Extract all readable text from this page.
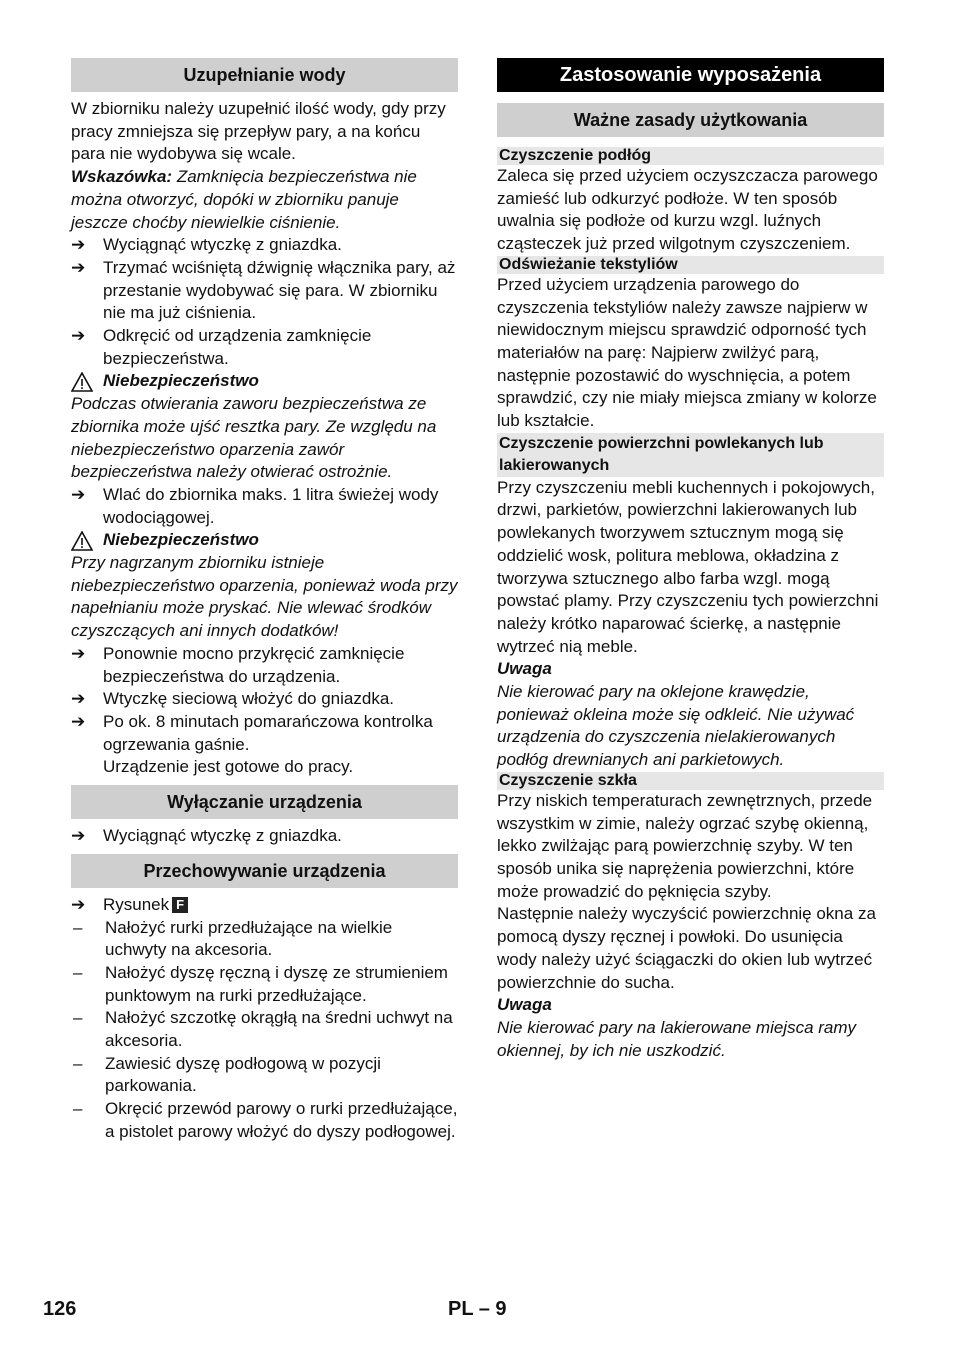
Uzupełnianie wody

W zbiorniku należy uzupełnić ilość wody, gdy przy pracy zmniejsza się przepływ pary, a na końcu para nie wydobywa się wcale.

Wskazówka: Zamknięcia bezpieczeństwa nie można otworzyć, dopóki w zbiorniku panuje jeszcze choćby niewielkie ciśnienie.

➔	Wyciągnąć wtyczkę z gniazdka.
➔	Trzymać wciśniętą dźwignię włącznika pary, aż przestanie wydobywać się para. W zbiorniku nie ma już ciśnienia.
➔	Odkręcić od urządzenia zamknięcie bezpieczeństwa.
Niebezpieczeństwo

Podczas otwierania zaworu bezpieczeństwa ze zbiornika może ujść resztka pary. Ze względu na niebezpieczeństwo oparzenia zawór bezpieczeństwa należy otwierać ostrożnie.

➔	Wlać do zbiornika maks. 1 litra świeżej wody wodociągowej.
Niebezpieczeństwo

Przy nagrzanym zbiorniku istnieje niebezpieczeństwo oparzenia, ponieważ woda przy napełnianiu może pryskać. Nie wlewać środków czyszczących ani innych dodatków!

➔	Ponownie mocno przykręcić zamknięcie bezpieczeństwa do urządzenia.
➔	Wtyczkę sieciową włożyć do gniazdka.
➔	Po ok. 8 minutach pomarańczowa kontrolka ogrzewania gaśnie.
Urządzenie jest gotowe do pracy.
Wyłączanie urządzenia
➔	Wyciągnąć wtyczkę z gniazdka.
Przechowywanie urządzenia
➔	Rysunek F
–	Nałożyć rurki przedłużające na wielkie uchwyty na akcesoria.
–	Nałożyć dyszę ręczną i dyszę ze strumieniem punktowym na rurki przedłużające.
–	Nałożyć szczotkę okrągłą na średni uchwyt na akcesoria.
–	Zawiesić dyszę podłogową w pozycji parkowania.
–	Okręcić przewód parowy o rurki przedłużające, a pistolet parowy włożyć do dyszy podłogowej.
Zastosowanie wyposażenia
Ważne zasady użytkowania
Czyszczenie podłóg

Zaleca się przed użyciem oczyszczacza parowego zamieść lub odkurzyć podłoże. W ten sposób uwalnia się podłoże od kurzu wzgl. luźnych cząsteczek już przed wilgotnym czyszczeniem.

Odświeżanie tekstyliów

Przed użyciem urządzenia parowego do czyszczenia tekstyliów należy zawsze najpierw w niewidocznym miejscu sprawdzić odporność tych materiałów na parę: Najpierw zwilżyć parą, następnie pozostawić do wyschnięcia, a potem sprawdzić, czy nie miały miejsca zmiany w kolorze lub kształcie.

Czyszczenie powierzchni powlekanych lub lakierowanych

Przy czyszczeniu mebli kuchennych i pokojowych, drzwi, parkietów, powierzchni lakierowanych lub powlekanych tworzywem sztucznym mogą się oddzielić wosk, politura meblowa, okładzina z tworzywa sztucznego albo farba wzgl. mogą powstać plamy. Przy czyszczeniu tych powierzchni należy krótko naparować ścierkę, a następnie wytrzeć nią meble.

Uwaga

Nie kierować pary na oklejone krawędzie, ponieważ okleina może się odkleić. Nie używać urządzenia do czyszczenia nielakierowanych podłóg drewnianych ani parkietowych.

Czyszczenie szkła

Przy niskich temperaturach zewnętrznych, przede wszystkim w zimie, należy ogrzać szybę okienną, lekko zwilżając parą powierzchnię szyby. W ten sposób unika się naprężenia powierzchni, które może prowadzić do pęknięcia szyby.

Następnie należy wyczyścić powierzchnię okna za pomocą dyszy ręcznej i powłoki. Do usunięcia wody należy użyć ściągaczki do okien lub wytrzeć powierzchnie do sucha.

Uwaga

Nie kierować pary na lakierowane miejsca ramy okiennej, by ich nie uszkodzić.

126	PL – 9
